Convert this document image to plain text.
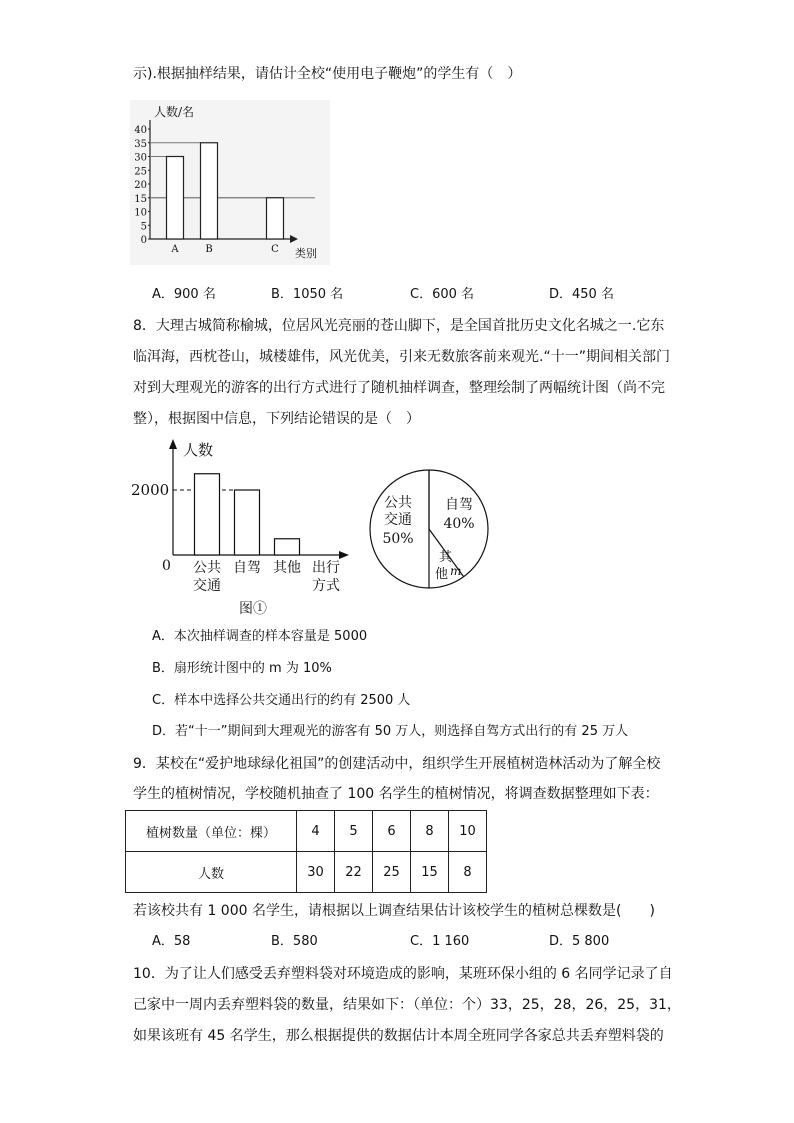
示).根据抽样结果，请估计全校“使用电子鞭炮”的学生有（　）
人数/名
类别
0
5
10
15
20
25
30
35
40
A	B	C
A．900 名	B．1050 名	C．600 名	D．450 名
8．大理古城简称榆城，位居风光亮丽的苍山脚下，是全国首批历史文化名城之一.它东
临洱海，西枕苍山，城楼雄伟，风光优美，引来无数旅客前来观光.“十一”期间相关部门
对到大理观光的游客的出行方式进行了随机抽样调查，整理绘制了两幅统计图（尚不完
整），根据图中信息，下列结论错误的是（　）
人数
0
2000
公共
交通
自驾 其他 出行
方式
图①
公共
交通
50%
自驾
40%
其
他 m
A．本次抽样调查的样本容量是 5000
B．扇形统计图中的 m 为 10%
C．样本中选择公共交通出行的约有 2500 人
D．若“十一”期间到大理观光的游客有 50 万人，则选择自驾方式出行的有 25 万人
9．某校在“爱护地球绿化祖国”的创建活动中，组织学生开展植树造林活动为了解全校
学生的植树情况，学校随机抽查了 100 名学生的植树情况，将调查数据整理如下表：
植树数量（单位：棵）	4	5	6	8	10
人数	30	22	25	15	8
若该校共有 1 000 名学生，请根据以上调查结果估计该校学生的植树总棵数是(　　)
A．58	B．580	C．1 160	D．5 800
10．为了让人们感受丢弃塑料袋对环境造成的影响，某班环保小组的 6 名同学记录了自
己家中一周内丢弃塑料袋的数量，结果如下：（单位：个）33，25，28，26，25，31，
如果该班有 45 名学生，那么根据提供的数据估计本周全班同学各家总共丢弃塑料袋的
